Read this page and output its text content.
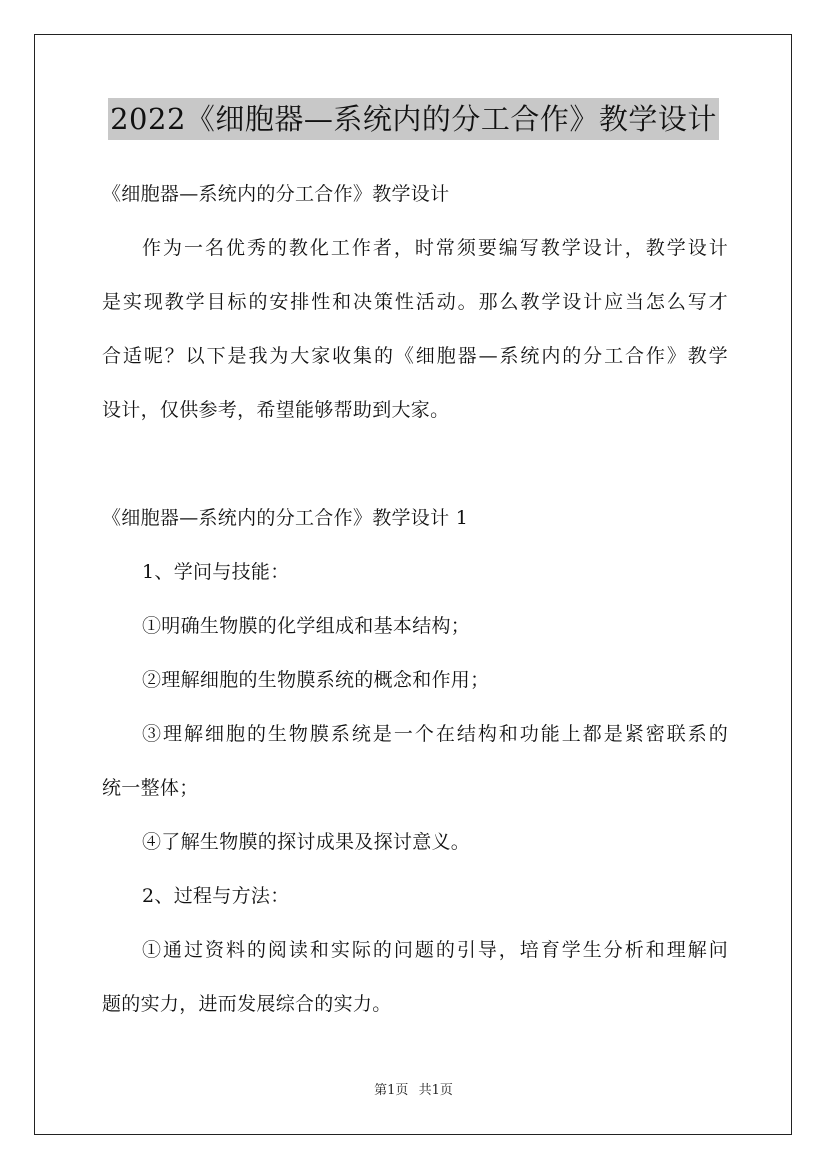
2022《细胞器—系统内的分工合作》教学设计
《细胞器—系统内的分工合作》教学设计
作为一名优秀的教化工作者，时常须要编写教学设计，教学设计
是实现教学目标的安排性和决策性活动。那么教学设计应当怎么写才
合适呢？以下是我为大家收集的《细胞器—系统内的分工合作》教学
设计，仅供参考，希望能够帮助到大家。
《细胞器—系统内的分工合作》教学设计 1
1、学问与技能：
①明确生物膜的化学组成和基本结构；
②理解细胞的生物膜系统的概念和作用；
③理解细胞的生物膜系统是一个在结构和功能上都是紧密联系的
统一整体；
④了解生物膜的探讨成果及探讨意义。
2、过程与方法：
①通过资料的阅读和实际的问题的引导，培育学生分析和理解问
题的实力，进而发展综合的实力。
第1页 共1页
